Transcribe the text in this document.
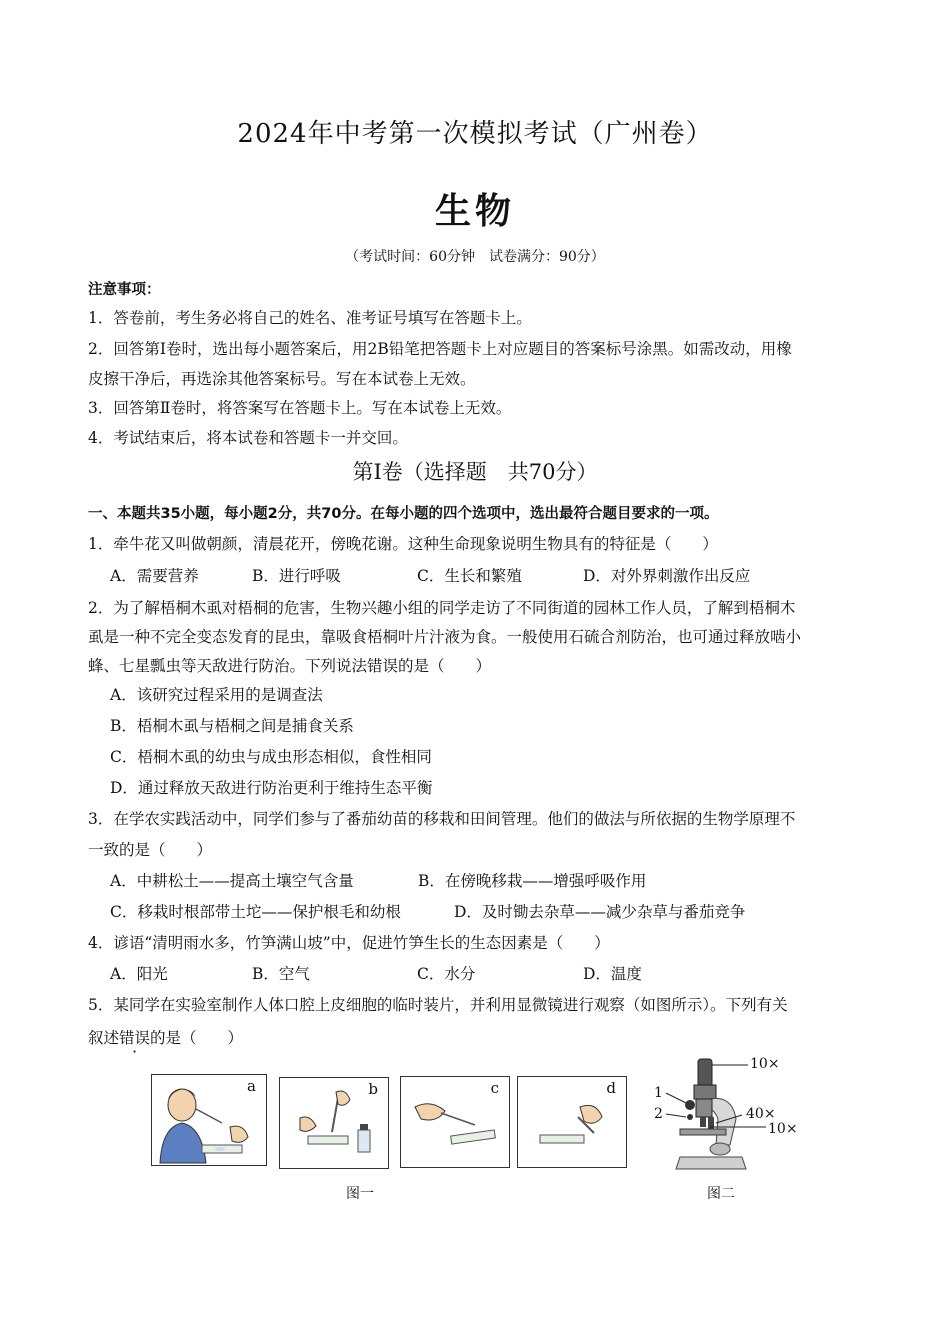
2024年中考第一次模拟考试（广州卷）
生物
（考试时间：60分钟　试卷满分：90分）
注意事项：
1．答卷前，考生务必将自己的姓名、准考证号填写在答题卡上。
2．回答第Ⅰ卷时，选出每小题答案后，用2B铅笔把答题卡上对应题目的答案标号涂黑。如需改动，用橡
皮擦干净后，再选涂其他答案标号。写在本试卷上无效。
3．回答第Ⅱ卷时，将答案写在答题卡上。写在本试卷上无效。
4．考试结束后，将本试卷和答题卡一并交回。
第Ⅰ卷（选择题　共70分）
一、本题共35小题，每小题2分，共70分。在每小题的四个选项中，选出最符合题目要求的一项。
1．牵牛花又叫做朝颜，清晨花开，傍晚花谢。这种生命现象说明生物具有的特征是（　　）
A．需要营养	B．进行呼吸	C．生长和繁殖	D．对外界刺激作出反应
2．为了解梧桐木虱对梧桐的危害，生物兴趣小组的同学走访了不同街道的园林工作人员，了解到梧桐木
虱是一种不完全变态发育的昆虫，靠吸食梧桐叶片汁液为食。一般使用石硫合剂防治，也可通过释放啮小
蜂、七星瓢虫等天敌进行防治。下列说法错误的是（　　）
A．该研究过程采用的是调查法
B．梧桐木虱与梧桐之间是捕食关系
C．梧桐木虱的幼虫与成虫形态相似，食性相同
D．通过释放天敌进行防治更利于维持生态平衡
3．在学农实践活动中，同学们参与了番茄幼苗的移栽和田间管理。他们的做法与所依据的生物学原理不
一致的是（　　）
A．中耕松土——提高土壤空气含量	B．在傍晚移栽——增强呼吸作用
C．移栽时根部带土坨——保护根毛和幼根	D．及时锄去杂草——减少杂草与番茄竞争
4．谚语“清明雨水多，竹笋满山坡”中，促进竹笋生长的生态因素是（　　）
A．阳光	B．空气	C．水分	D．温度
5．某同学在实验室制作人体口腔上皮细胞的临时装片，并利用显微镜进行观察（如图所示）。下列有关
叙述错误的是（　　）
a	b	c	d
图一
10×
1
2	40×
10×
图二
